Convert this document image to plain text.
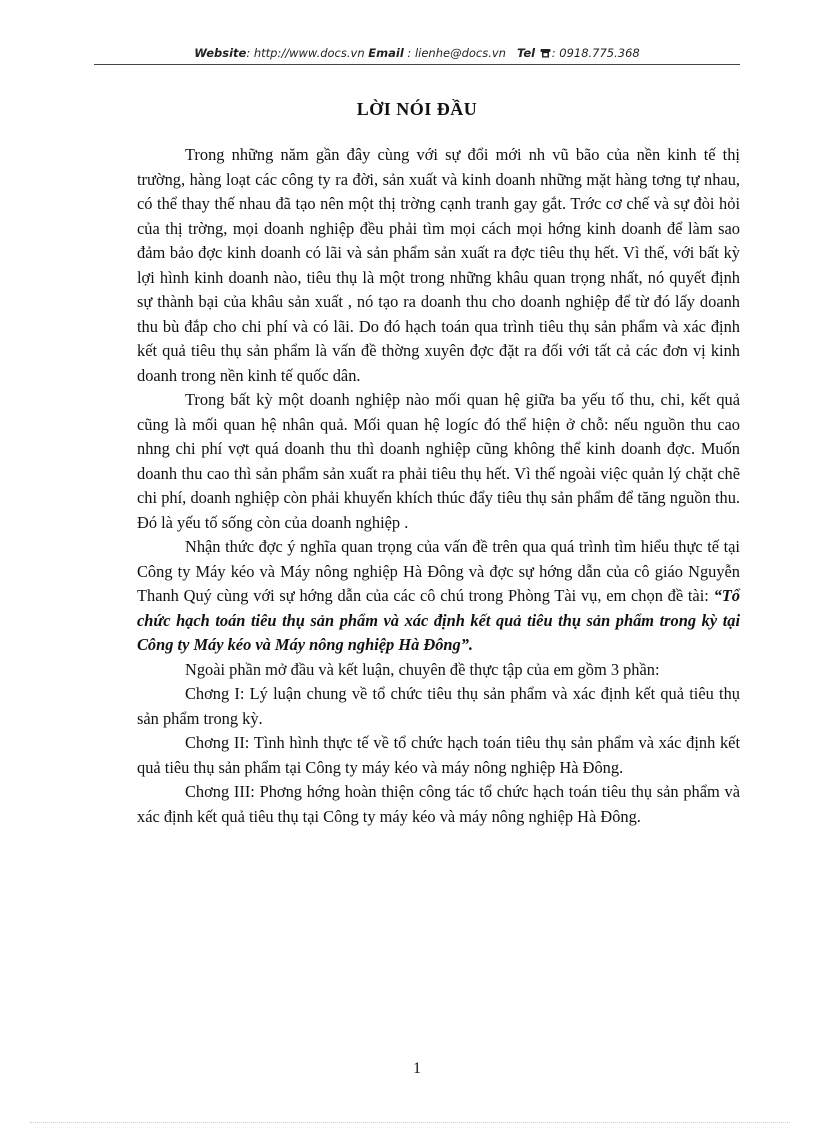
Website: http://www.docs.vn Email : lienhe@docs.vn Tel : 0918.775.368
LỜI NÓI ĐẦU

Trong những năm gần đây cùng với sự đổi mới nh vũ bão của nền kinh tế thị trường, hàng loạt các công ty ra đời, sản xuất và kinh doanh những mặt hàng tơng tự nhau, có thể thay thế nhau đã tạo nên một thị trờng cạnh tranh gay gắt. Trớc cơ chế và sự đòi hỏi của thị trờng, mọi doanh nghiệp đều phải tìm mọi cách mọi hớng kinh doanh để làm sao đảm bảo đợc kinh doanh có lãi và sản phẩm sản xuất ra đợc tiêu thụ hết. Vì thế, với bất kỳ lợi hình kinh doanh nào, tiêu thụ là một trong những khâu quan trọng nhất, nó quyết định sự thành bại của khâu sản xuất , nó tạo ra doanh thu cho doanh nghiệp để từ đó lấy doanh thu bù đắp cho chi phí và có lãi. Do đó hạch toán qua trình tiêu thụ sản phẩm và xác định kết quả tiêu thụ sản phẩm là vấn đề thờng xuyên đợc đặt ra đối với tất cả các đơn vị kinh doanh trong nền kinh tế quốc dân.

Trong bất kỳ một doanh nghiệp nào mối quan hệ giữa ba yếu tố thu, chi, kết quả cũng là mối quan hệ nhân quả. Mối quan hệ logíc đó thể hiện ở chỗ: nếu nguồn thu cao nhng chi phí vợt quá doanh thu thì doanh nghiệp cũng không thể kinh doanh đợc. Muốn doanh thu cao thì sản phẩm sản xuất ra phải tiêu thụ hết. Vì thế ngoài việc quản lý chặt chẽ chi phí, doanh nghiệp còn phải khuyến khích thúc đẩy tiêu thụ sản phẩm để tăng nguồn thu. Đó là yếu tố sống còn của doanh nghiệp .

Nhận thức đợc ý nghĩa quan trọng của vấn đề trên qua quá trình tìm hiểu thực tế tại Công ty Máy kéo và Máy nông nghiệp Hà Đông và đợc sự hớng dẫn của cô giáo Nguyễn Thanh Quý cùng với sự hớng dẫn của các cô chú trong Phòng Tài vụ, em chọn đề tài: “Tổ chức hạch toán tiêu thụ sản phẩm và xác định kết quả tiêu thụ sản phẩm trong kỳ tại Công ty Máy kéo và Máy nông nghiệp Hà Đông”.

Ngoài phần mở đầu và kết luận, chuyên đề thực tập của em gồm 3 phần:

Chơng I: Lý luận chung về tổ chức tiêu thụ sản phẩm và xác định kết quả tiêu thụ sản phẩm trong kỳ.

Chơng II: Tình hình thực tế về tổ chức hạch toán tiêu thụ sản phẩm và xác định kết quả tiêu thụ sản phẩm tại Công ty máy kéo và máy nông nghiệp Hà Đông.

Chơng III: Phơng hớng hoàn thiện công tác tổ chức hạch toán tiêu thụ sản phẩm và xác định kết quả tiêu thụ tại Công ty máy kéo và máy nông nghiệp Hà Đông.

1
